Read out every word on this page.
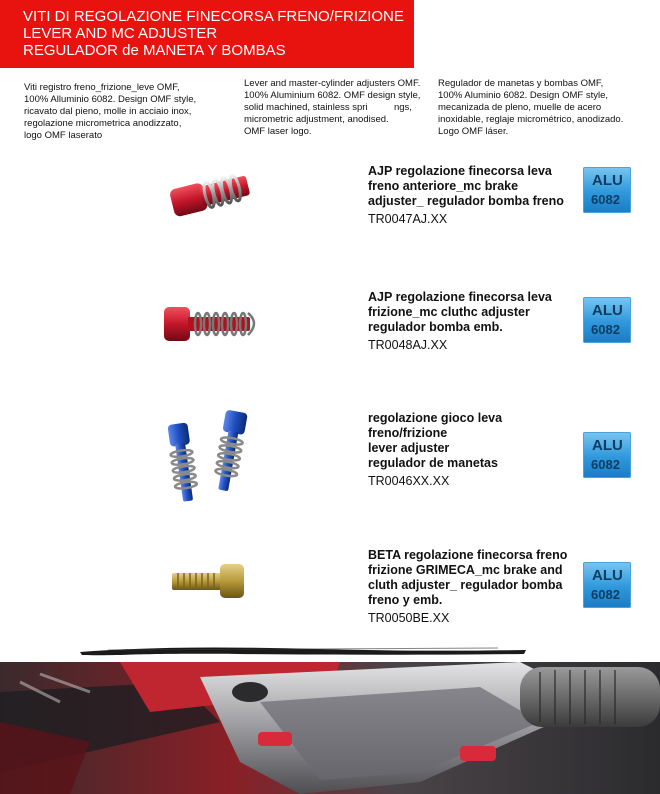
VITI DI REGOLAZIONE FINECORSA FRENO/FRIZIONE
LEVER AND MC ADJUSTER
REGULADOR de MANETA Y BOMBAS
Viti registro freno_frizione_leve OMF,
100% Alluminio 6082. Design OMF style,
ricavato dal pieno, molle in acciaio inox,
regolazione micrometrica anodizzato,
logo OMF laserato
Lever and master-cylinder adjusters OMF.
100% Aluminium 6082. OMF design style,
solid machined, stainless spri          ngs,
micrometric adjustment, anodised.
OMF laser logo.
Regulador de manetas y bombas OMF,
100% Aluminio 6082. Design OMF style,
mecanizada de pleno, muelle de acero
inoxidable, reglaje micrométrico, anodizado.
Logo OMF láser.
AJP regolazione finecorsa leva
freno anteriore_mc brake
adjuster_ regulador bomba freno
TR0047AJ.XX
ALU
6082
AJP regolazione finecorsa leva
frizione_mc cluthc adjuster
regulador bomba emb.
TR0048AJ.XX
ALU
6082
regolazione gioco leva
freno/frizione
lever adjuster
regulador de manetas
TR0046XX.XX
ALU
6082
BETA regolazione finecorsa freno
frizione GRIMECA_mc brake and
cluth adjuster_ regulador bomba
freno y emb.
TR0050BE.XX
ALU
6082
